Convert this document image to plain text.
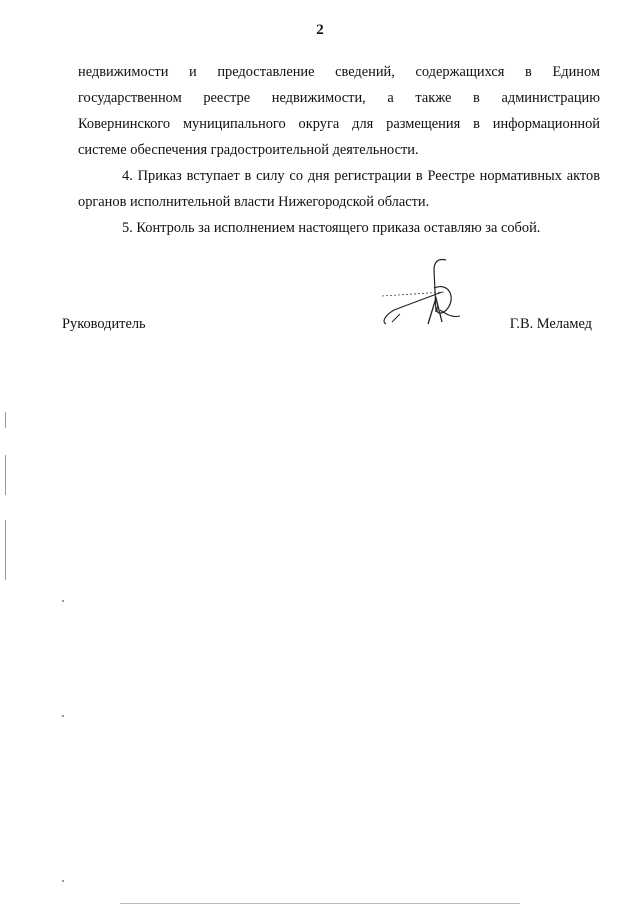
2
недвижимости и предоставление сведений, содержащихся в Едином
государственном реестре недвижимости, а также в администрацию
Ковернинского муниципального округа для размещения в информационной
системе обеспечения градостроительной деятельности.
4. Приказ вступает в силу со дня регистрации в Реестре нормативных актов
органов исполнительной власти Нижегородской области.
5. Контроль за исполнением настоящего приказа оставляю за собой.
Руководитель	Г.В. Меламед
